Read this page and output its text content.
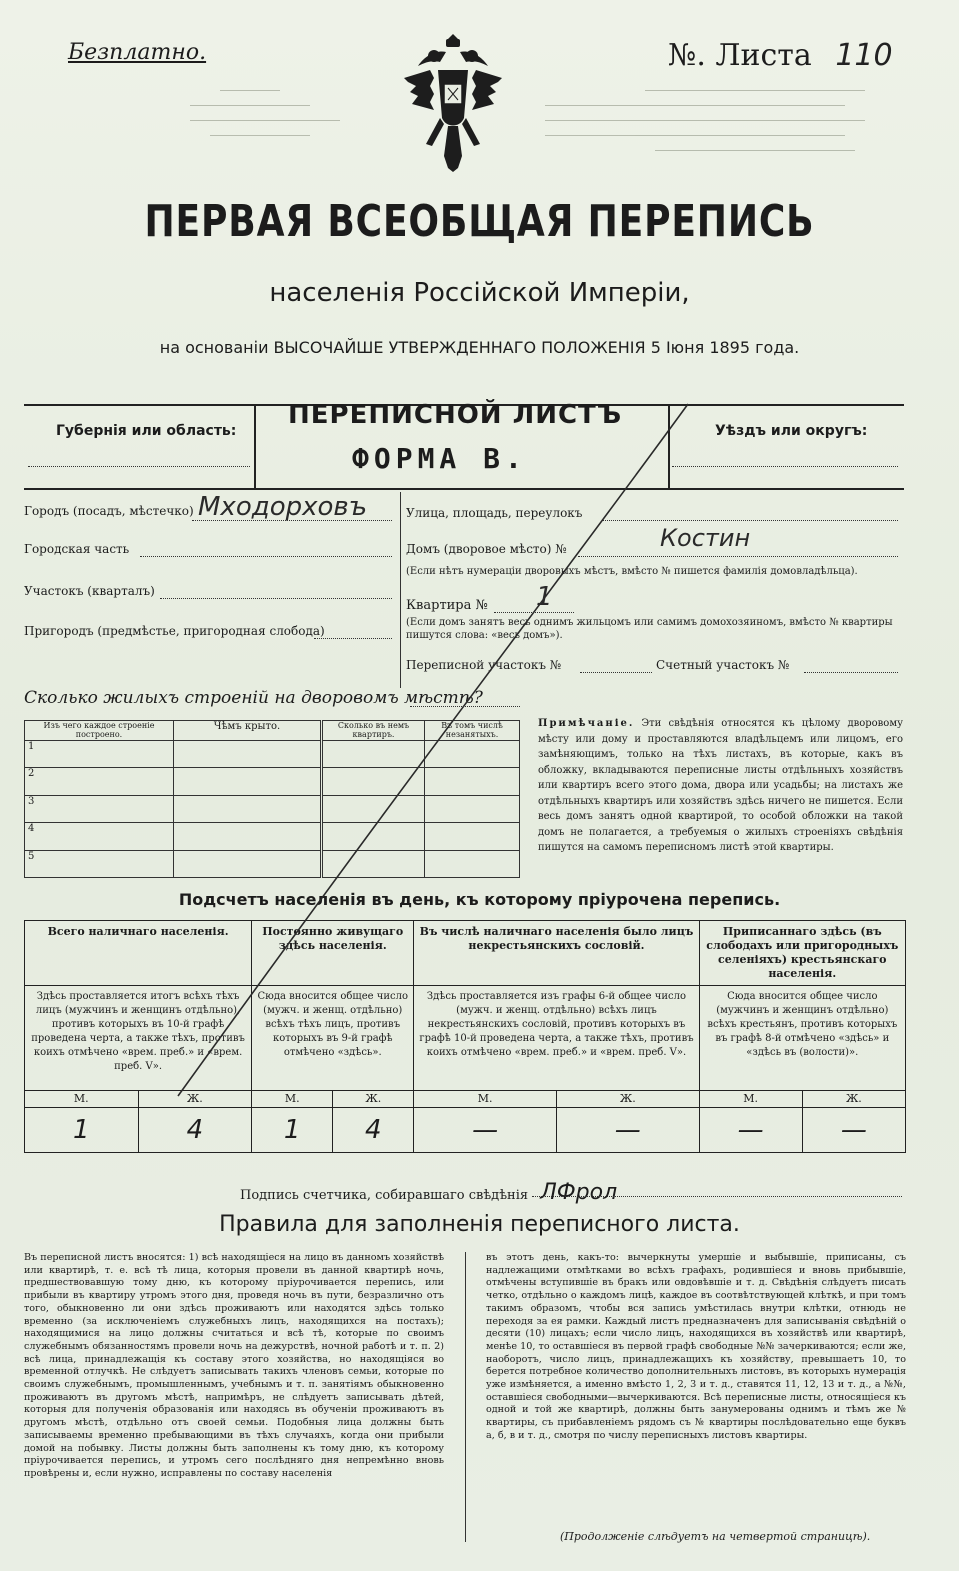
Безплатно.	№. Листа 110
ПЕРВАЯ ВСЕОБЩАЯ ПЕРЕПИСЬ
населенія Россійской Имперіи,
на основаніи ВЫСОЧАЙШЕ УТВЕРЖДЕННАГО ПОЛОЖЕНІЯ 5 Іюня 1895 года.
Губернія или область:
ПЕРЕПИСНОЙ ЛИСТЪ
ФОРМА В.
Уѣздъ или округъ:
Городъ (посадъ, мѣстечко) Мходорховъ
Городская часть
Участокъ (кварталъ)
Пригородъ (предмѣстье, пригородная слобода)
Улица, площадь, переулокъ
Домъ (дворовое мѣсто) №	Костин
(Если нѣтъ нумераціи дворовыхъ мѣстъ, вмѣсто № пишется фамилія домовладѣльца).
Квартира № 1
(Если домъ занятъ весь однимъ жильцомъ или самимъ домохозяиномъ, вмѣсто № квартиры пишутся слова: «весь домъ»).
Переписной участокъ №	Счетный участокъ №
Сколько жилыхъ строеній на дворовомъ мѣстѣ?
Изъ чего каждое строеніе построено.	Чѣмъ крыто.	Сколько въ немъ квартиръ.	Въ томъ числѣ незанятыхъ.
1			
2			
3			
4			
5			
Примѣчаніе. Эти свѣдѣнія относятся къ цѣлому дворовому мѣсту или дому и проставляются владѣльцемъ или лицомъ, его замѣняющимъ, только на тѣхъ листахъ, въ которые, какъ въ обложку, вкладываются переписные листы отдѣльныхъ хозяйствъ или квартиръ всего этого дома, двора или усадьбы; на листахъ же отдѣльныхъ квартиръ или хозяйствъ здѣсь ничего не пишется. Если весь домъ занятъ одной квартирой, то особой обложки на такой домъ не полагается, а требуемыя о жилыхъ строеніяхъ свѣдѣнія пишутся на самомъ переписномъ листѣ этой квартиры.
Подсчетъ населенія въ день, къ которому пріурочена перепись.
Всего наличнаго населенія.		Постоянно живущаго здѣсь населенія.		Въ числѣ наличнаго населенія было лицъ некрестьянскихъ сословій.		Приписаннаго здѣсь (въ слободахъ или пригородныхъ селеніяхъ) крестьянскаго населенія.	
Здѣсь проставляется итогъ всѣхъ тѣхъ лицъ (мужчинъ и женщинъ отдѣльно), противъ которыхъ въ 10-й графѣ проведена черта, а также тѣхъ, противъ коихъ отмѣчено «врем. преб.» и «врем. преб. V».		Сюда вносится общее число (мужч. и женщ. отдѣльно) всѣхъ тѣхъ лицъ, противъ которыхъ въ 9-й графѣ отмѣчено «здѣсь».		Здѣсь проставляется изъ графы 6-й общее число (мужч. и женщ. отдѣльно) всѣхъ лицъ некрестьянскихъ сословій, противъ которыхъ въ графѣ 10-й проведена черта, а также тѣхъ, противъ коихъ отмѣчено «врем. преб.» и «врем. преб. V».		Сюда вносится общее число (мужчинъ и женщинъ отдѣльно) всѣхъ крестьянъ, противъ которыхъ въ графѣ 8-й отмѣчено «здѣсь» и «здѣсь въ (волости)».	
М.	Ж.	М.	Ж.	М.	Ж.	М.	Ж.
1	4	1	4	—	—	—	—
Подпись счетчика, собиравшаго свѣдѣнія ЛФрол
Правила для заполненія переписного листа.
Въ переписной листъ вносятся: 1) всѣ находящіеся на лицо въ данномъ хозяйствѣ или квартирѣ, т. е. всѣ тѣ лица, которыя провели въ данной квартирѣ ночь, предшествовавшую тому дню, къ которому пріурочивается перепись, или прибыли въ квартиру утромъ этого дня, проведя ночь въ пути, безразлично отъ того, обыкновенно ли они здѣсь проживаютъ или находятся здѣсь только временно (за исключеніемъ служебныхъ лицъ, находящихся на постахъ); находящимися на лицо должны считаться и всѣ тѣ, которые по своимъ служебнымъ обязанностямъ провели ночь на дежурствѣ, ночной работѣ и т. п. 2) всѣ лица, принадлежащія къ составу этого хозяйства, но находящіяся во временной отлучкѣ. Не слѣдуетъ записывать такихъ членовъ семьи, которые по своимъ служебнымъ, промышленнымъ, учебнымъ и т. п. занятіямъ обыкновенно проживаютъ въ другомъ мѣстѣ, напримѣръ, не слѣдуетъ записывать дѣтей, которыя для полученія образованія или находясь въ обученіи проживаютъ въ другомъ мѣстѣ, отдѣльно отъ своей семьи. Подобныя лица должны быть записываемы временно пребывающими въ тѣхъ случаяхъ, когда они прибыли домой на побывку. Листы должны быть заполнены къ тому дню, къ которому пріурочивается перепись, и утромъ сего послѣдняго дня непремѣнно вновь провѣрены и, если нужно, исправлены по составу населенія
въ этотъ день, какъ-то: вычеркнуты умершіе и выбывшіе, приписаны, съ надлежащими отмѣтками во всѣхъ графахъ, родившіеся и вновь прибывшіе, отмѣчены вступившіе въ бракъ или овдовѣвшіе и т. д. Свѣдѣнія слѣдуетъ писать четко, отдѣльно о каждомъ лицѣ, каждое въ соотвѣтствующей клѣткѣ, и при томъ такимъ образомъ, чтобы вся запись умѣстилась внутри клѣтки, отнюдь не переходя за ея рамки. Каждый листъ предназначенъ для записыванія свѣдѣній о десяти (10) лицахъ; если число лицъ, находящихся въ хозяйствѣ или квартирѣ, менѣе 10, то оставшіеся въ первой графѣ свободные №№ зачеркиваются; если же, наоборотъ, число лицъ, принадлежащихъ къ хозяйству, превышаетъ 10, то берется потребное количество дополнительныхъ листовъ, въ которыхъ нумерація уже измѣняется, а именно вмѣсто 1, 2, 3 и т. д., ставятся 11, 12, 13 и т. д., а №№, оставшіеся свободными—вычеркиваются. Всѣ переписные листы, относящіеся къ одной и той же квартирѣ, должны быть занумерованы однимъ и тѣмъ же № квартиры, съ прибавленіемъ рядомъ съ № квартиры послѣдовательно еще буквъ а, б, в и т. д., смотря по числу переписныхъ листовъ квартиры.
(Продолженіе слѣдуетъ на четвертой страницѣ).
